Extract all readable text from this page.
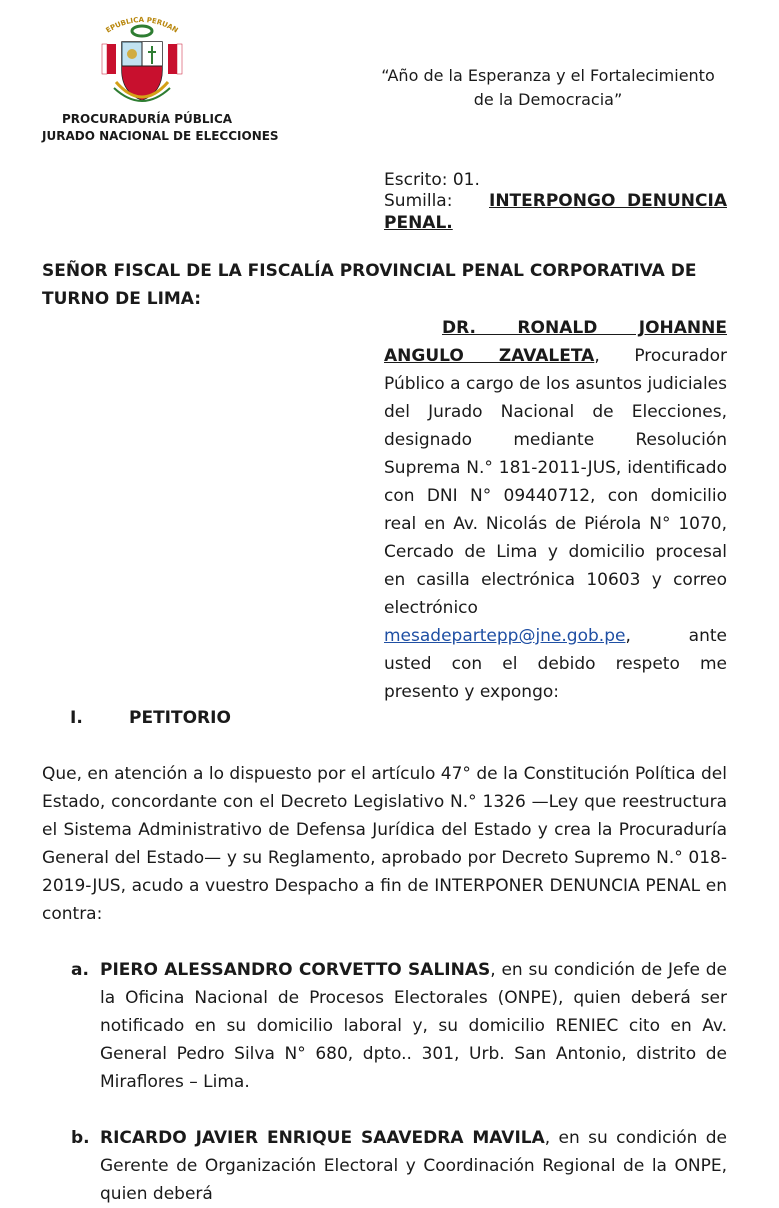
EPUBLICA PERUAN
PROCURADURÍA PÚBLICA
JURADO NACIONAL DE ELECCIONES
“Año de la Esperanza y el Fortalecimiento de la Democracia”
Escrito: 01.
Sumilla:	INTERPONGO DENUNCIA PENAL.
SEÑOR FISCAL DE LA FISCALÍA PROVINCIAL PENAL CORPORATIVA DE TURNO DE LIMA:
DR. RONALD JOHANNE ANGULO ZAVALETA, Procurador Público a cargo de los asuntos judiciales del Jurado Nacional de Elecciones, designado mediante Resolución Suprema N.° 181-2011-JUS, identificado con DNI N° 09440712, con domicilio real en Av. Nicolás de Piérola N° 1070, Cercado de Lima y domicilio procesal en casilla electrónica 10603 y correo electrónico mesadepartepp@jne.gob.pe, ante usted con el debido respeto me presento y expongo:
I.	PETITORIO
Que, en atención a lo dispuesto por el artículo 47° de la Constitución Política del Estado, concordante con el Decreto Legislativo N.° 1326 —Ley que reestructura el Sistema Administrativo de Defensa Jurídica del Estado y crea la Procuraduría General del Estado— y su Reglamento, aprobado por Decreto Supremo N.° 018-2019-JUS, acudo a vuestro Despacho a fin de INTERPONER DENUNCIA PENAL en contra:
a. PIERO ALESSANDRO CORVETTO SALINAS, en su condición de Jefe de la Oficina Nacional de Procesos Electorales (ONPE), quien deberá ser notificado en su domicilio laboral y, su domicilio RENIEC cito en Av. General Pedro Silva N° 680, dpto.. 301, Urb. San Antonio, distrito de Miraflores – Lima.
b. RICARDO JAVIER ENRIQUE SAAVEDRA MAVILA, en su condición de Gerente de Organización Electoral y Coordinación Regional de la ONPE, quien deberá
